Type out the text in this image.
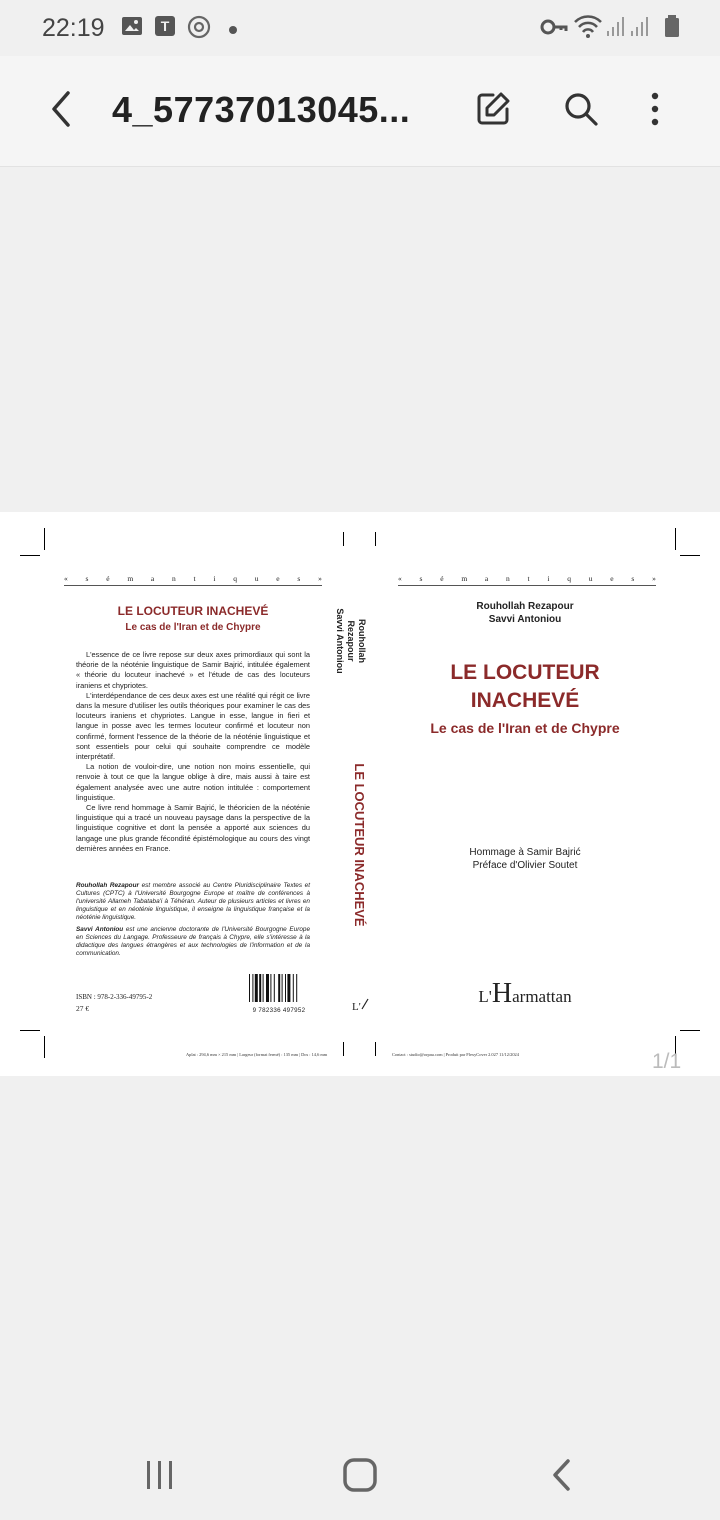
22:19	T
4_57737013045...
« s é m a n t i q u e s »
LE LOCUTEUR INACHEVÉ
Le cas de l'Iran et de Chypre

L'essence de ce livre repose sur deux axes primordiaux qui sont la théorie de la néoténie linguistique de Samir Bajrić, intitulée également « théorie du locuteur inachevé » et l'étude de cas des locuteurs iraniens et chypriotes.

L'interdépendance de ces deux axes est une réalité qui régit ce livre dans la mesure d'utiliser les outils théoriques pour examiner le cas des locuteurs iraniens et chypriotes. Langue in esse, langue in fieri et langue in posse avec les termes locuteur confirmé et locuteur non confirmé, forment l'essence de la théorie de la néoténie linguistique et sont essentiels pour celui qui souhaite comprendre ce modèle interprétatif.

La notion de vouloir-dire, une notion non moins essentielle, qui renvoie à tout ce que la langue oblige à dire, mais aussi à taire est également analysée avec une autre notion intitulée : comportement linguistique.

Ce livre rend hommage à Samir Bajrić, le théoricien de la néoténie linguistique qui a tracé un nouveau paysage dans la perspective de la linguistique cognitive et dont la pensée a apporté aux sciences du langage une plus grande fécondité épistémologique au cours des vingt dernières années en France.

Rouhollah Rezapour est membre associé au Centre Pluridisciplinaire Textes et Cultures (CPTC) à l'Université Bourgogne Europe et maître de conférences à l'université Allameh Tabataba'i à Téhéran. Auteur de plusieurs articles et livres en linguistique et en néoténie linguistique, il enseigne la linguistique française et la néoténie linguistique.

Savvi Antoniou est une ancienne doctorante de l'Université Bourgogne Europe en Sciences du Langage. Professeure de français à Chypre, elle s'intéresse à la didactique des langues étrangères et aux technologies de l'information et de la communication.

ISBN : 978-2-336-49795-2
27 €	9 782336 497952
Aplat : 294,6 mm × 215 mm | Largeur (format fermé) : 135 mm | Dos : 14,6 mm
Rouhollah Rezapour
Savvi Antoniou
LE LOCUTEUR INACHEVÉ
L'
« s é m a n t i q u e s »
Rouhollah Rezapour
Savvi Antoniou
LE LOCUTEUR
INACHEVÉ
Le cas de l'Iran et de Chypre
Hommage à Samir Bajrić
Préface d'Olivier Soutet
L'Harmattan
Contact : studio@orpau.com | Produit par FlexyCover 2.027 11/12/2024	1/1
